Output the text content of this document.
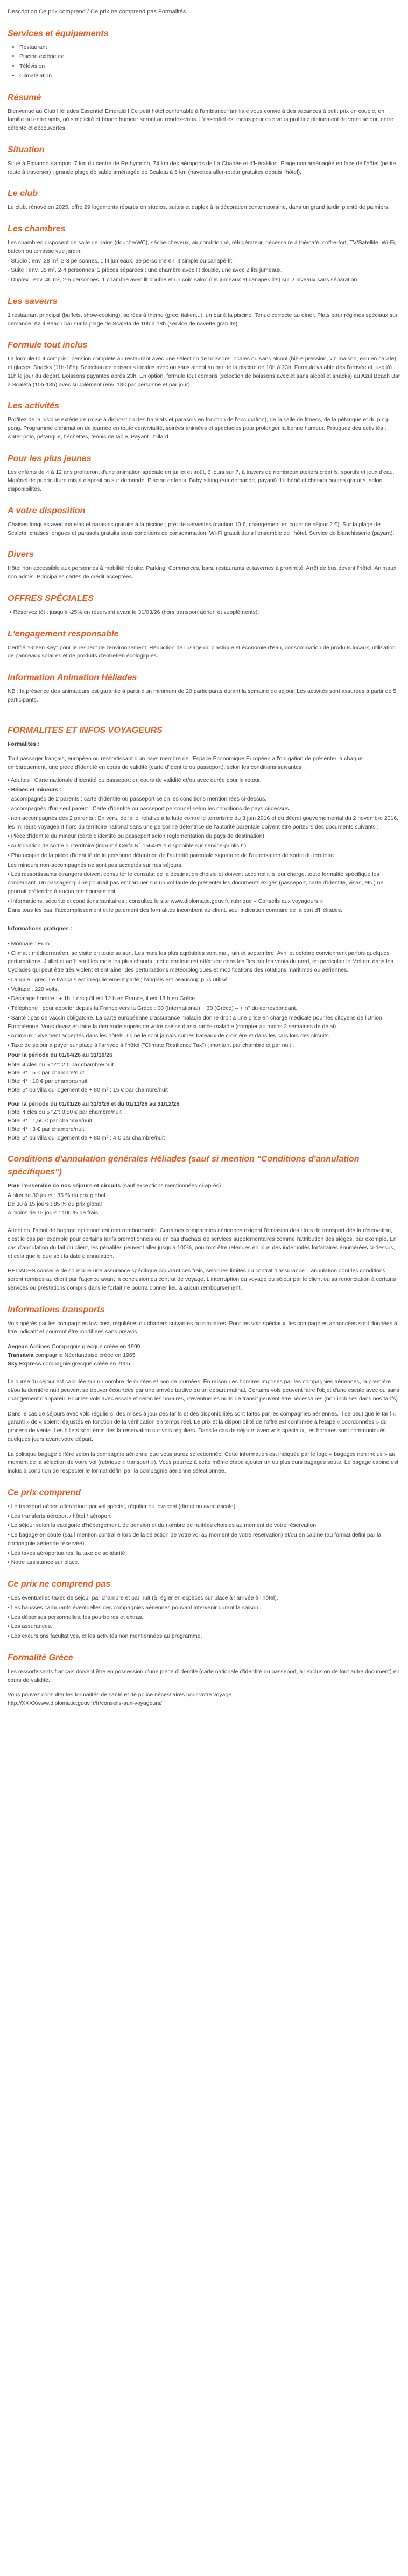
Description Ce prix comprend / Ce prix ne comprend pas Formalités
Services et équipements
• Restaurant
• Piscine extérieure
• Télévision
• Climatisation
Résumé

Bienvenue au Club Héliades Essentiel Emerald ! Ce petit hôtel confortable à l'ambiance familiale vous convie à des vacances à petit prix en couple, en famille ou entre amis, où simplicité et bonne humeur seront au rendez-vous. L'essentiel est inclus pour que vous profitiez pleinement de votre séjour, entre détente et découvertes.

Situation

Situé à Pigianon Kampos, 7 km du centre de Rethymnon, 74 km des aéroports de La Chanée et d'Héraklion. Plage non aménagée en face de l'hôtel (petite route à traverser) ; grande plage de sable aménagée de Scaleta à 5 km (navettes aller-retour gratuites depuis l'hôtel).

Le club

Le club, rénové en 2025, offre 29 logements répartis en studios, suites et duplex à la décoration contemporaine, dans un grand jardin planté de palmiers.

Les chambres

Les chambres disposent de salle de bains (douche/WC), sèche-cheveux, air conditionné, réfrigérateur, nécessaire à thé/café, coffre-fort, TV/Satellite, Wi-Fi, balcon ou terrasse vue jardin.

- Studio : env. 28 m², 2-3 personnes, 1 lit jumeaux, 3e personne en lit simple ou canapé-lit.

- Suite : env. 35 m², 2-4 personnes, 2 pièces séparées : une chambre avec lit double, une avec 2 lits jumeaux.

- Duplex : env. 40 m², 2-5 personnes, 1 chambre avec lit double et un coin salon (lits jumeaux et canapés lits) sur 2 niveaux sans séparation.

Les saveurs

1 restaurant principal (buffets, show-cooking), soirées à thème (grec, italien...), un bar à la piscine. Tenue correcte au dîner. Plats pour régimes spéciaux sur demande. Azul Beach bar sur la plage de Scaleta de 10h à 18h (service de navette gratuite).

Formule tout inclus

La formule tout compris : pension complète au restaurant avec une sélection de boissons locales ou sans alcool (bière pression, vin maison, eau en carafe) et glaces. Snacks (11h-18h). Sélection de boissons locales avec ou sans alcool au bar de la piscine de 10h à 23h. Formule valable dès l'arrivée et jusqu'à 11h le jour du départ. Boissons payantes après 23h. En option, formule tout compris (sélection de boissons avec et sans alcool et snacks) au Azul Beach Bar à Scaleta (10h-18h) avec supplément (env. 18€ par personne et par jour).

Les activités

Profitez de la piscine extérieure (mise à disposition des transats et parasols en fonction de l'occupation), de la salle de fitness, de la pétanque et du ping-pong. Programme d'animation de journée en toute convivialité, soirées animées et spectacles pour prolonger la bonne humeur. Pratiquez des activités : water-polo, pétanque, fléchettes, tennis de table. Payant : billard.

Pour les plus jeunes

Les enfants de 4 à 12 ans profiteront d'une animation spéciale en juillet et août, 6 jours sur 7, à travers de nombreux ateliers créatifs, sportifs et jeux d'eau. Matériel de puériculture mis à disposition sur demande. Piscine enfants. Baby sitting (sur demande, payant). Lit bébé et chaises hautes gratuits, selon disponibilités.

A votre disposition

Chaises longues avec matelas et parasols gratuits à la piscine ; prêt de serviettes (caution 10 €, changement en cours de séjour 2 €). Sur la plage de Scaleta, chaises longues et parasols gratuits sous conditions de consommation. Wi-Fi gratuit dans l'ensemble de l'hôtel. Service de blanchisserie (payant).

Divers

Hôtel non accessible aux personnes à mobilité réduite. Parking. Commerces, bars, restaurants et tavernes à proximité. Arrêt de bus devant l'hôtel. Animaux non admis. Principales cartes de crédit acceptées.

OFFRES SPÉCIALES
• Réservez tôt : jusqu'à -25% en réservant avant le 31/03/26 (hors transport aérien et suppléments).
L'engagement responsable

Certifié "Green Key" pour le respect de l'environnement. Réduction de l'usage du plastique et économie d'eau, consommation de produits locaux, utilisation de panneaux solaires et de produits d'entretien écologiques.

Information Animation Héliades

NB : la présence des animateurs est garantie à partir d'un minimum de 20 participants durant la semaine de séjour. Les activités sont assurées à partir de 5 participants.

FORMALITES ET INFOS VOYAGEURS

Formalités :

Tout passager français, européen ou ressortissant d'un pays membre de l'Espace Economique Européen a l'obligation de présenter, à chaque embarquement, une pièce d'identité en cours de validité (carte d'identité ou passeport), selon les conditions suivantes :

• Adultes : Carte nationale d'identité ou passeport en cours de validité et/ou avec durée pour le retour.

• Bébés et mineurs :

- accompagnés de 2 parents : carte d'identité ou passeport selon les conditions mentionnées ci-dessus.

- accompagnés d'un seul parent : Carte d'identité ou passeport personnel selon les conditions de pays ci-dessus.

- non accompagnés des 2 parents : En vertu de la loi relative à la lutte contre le terrorisme du 3 juin 2016 et du décret gouvernemental du 2 novembre 2016, les mineurs voyageant hors du territoire national sans une personne détentrice de l'autorité parentale doivent être porteurs des documents suivants :

• Pièce d'identité du mineur (carte d'identité ou passeport selon réglementation du pays de destination)

• Autorisation de sortie du territoire (imprimé Cerfa N° 15646*01 disponible sur service-public.fr)

• Photocopie de la pièce d'identité de la personne détentrice de l'autorité parentale signataire de l'autorisation de sortie du territoire

Les mineurs non-accompagnés ne sont pas acceptés sur nos séjours.

• Les ressortissants étrangers doivent consulter le consulat de la destination choisie et doivent accomplir, à leur charge, toute formalité spécifique les concernant. Un passager qui ne pourrait pas embarquer sur un vol faute de présenter les documents exigés (passeport, carte d'identité, visas, etc.) ne pourrait prétendre à aucun remboursement.

• Informations, sécurité et conditions sanitaires : consultez le site www.diplomatie.gouv.fr, rubrique « Conseils aux voyageurs »

Dans tous les cas, l'accomplissement et le paiement des formalités incombent au client, seul indication contraire de la part d'Héliades.

Informations pratiques :

• Monnaie : Euro

• Climat : méditerranéen, se visite en toute saison. Les mois les plus agréables sont mai, juin et septembre. Avril et octobre conviennent parfois quelques perturbations. Juillet et août sont les mois les plus chauds ; cette chaleur est atténuée dans les îles par les vents du nord, en particulier le Meltem dans les Cyclades qui peut être très violent et entraîner des perturbations météorologiques et modifications des rotations maritimes ou aériennes.

• Langue : grec. Le français est irrégulièrement parlé ; l'anglais est beaucoup plus utilisé.

• Voltage : 220 volts.

• Décalage horaire : + 1h. Lorsqu'il est 12 h en France, il est 13 h en Grèce.

• Téléphone : pour appeler depuis la France vers la Grèce : 00 (International) + 30 (Grèce) – + n° du correspondant.

• Santé : pas de vaccin obligatoire. La carte européenne d'assurance maladie donne droit à une prise en charge médicale pour les citoyens de l'Union Européenne. Vous devez en faire la demande auprès de votre caisse d'assurance maladie (compter au moins 2 semaines de délai).

• Animaux : vivement acceptés dans les hôtels. Ils ne le sont jamais sur les bateaux de croisière et dans les cars lors des circuits.

• Taxe de séjour à payer sur place à l'arrivée à l'hôtel ("Climate Resilience Tax") ; montant par chambre et par nuit :

Pour la période du 01/04/26 au 31/10/26

Hôtel 4 clés ou 5 "Z": 2 € par chambre/nuit

Hôtel 3* : 5 € par chambre/nuit

Hôtel 4* : 10 € par chambre/nuit

Hôtel 5* ou villa ou logement de + 80 m² : 15 € par chambre/nuit

Pour la période du 01/01/26 au 31/3/26 et du 01/11/26 au 31/12/26

Hôtel 4 clés ou 5 "Z": 0,50 € par chambre/nuit

Hôtel 3* : 1,50 € par chambre/nuit

Hôtel 4* : 3 € par chambre/nuit

Hôtel 5* ou villa ou logement de + 80 m² : 4 € par chambre/nuit

Conditions d'annulation générales Héliades (sauf si mention "Conditions d'annulation spécifiques")

Pour l'ensemble de nos séjours et circuits (sauf exceptions mentionnées ci-après)

A plus de 30 jours : 35 % du prix global

De 30 à 15 jours : 85 % du prix global

A moins de 15 jours : 100 % de frais

Attention, l'ajout de bagage optionnel est non remboursable. Certaines compagnies aériennes exigent l'émission des titres de transport dès la réservation, c'est le cas par exemple pour certains tarifs promotionnels ou en cas d'achats de services supplémentaires comme l'attribution des sièges, par exemple. En cas d'annulation du fait du client, les pénalités peuvent aller jusqu'à 100%, pourront être retenues en plus des indemnités forfaitaires énumérées ci-dessus, et cela quelle que soit la date d'annulation.

HÉLIADES conseille de souscrire une assurance spécifique couvrant ces frais, selon les limites du contrat d'assurance – annulation dont les conditions seront remises au client par l'agence avant la conclusion du contrat de voyage. L'interruption du voyage ou séjour par le client ou sa renonciation à certains services ou prestations compris dans le forfait ne pourra donner lieu à aucun remboursement.

Informations transports

Vols opérés par les compagnies low cost, régulières ou charters suivantes ou similaires. Pour les vols spéciaux, les compagnies annoncées sont données à titre indicatif et pourront être modifiées sans préavis.

Aegean Airlines Compagnie grecque créée en 1999

Transavia compagnie Néerlandaise créée en 1965

Sky Express compagnie grecque créée en 2005

La durée du séjour est calculée sur un nombre de nuitées et non de journées. En raison des horaires imposés par les compagnies aériennes, la première et/ou la dernière nuit peuvent se trouver écourtées par une arrivée tardive ou un départ matinal. Certains vols peuvent faire l'objet d'une escale avec ou sans changement d'appareil. Pour les vols avec escale et selon les horaires, d'éventuelles nuits de transit peuvent être nécessaires (non incluses dans nos tarifs).

Dans le cas de séjours avec vols réguliers, des mises à jour des tarifs et des disponibilités sont faites par les compagnies aériennes. Il se peut que le tarif « garanti » de « soient réajustés en fonction de la vérification en temps réel. Le prix et la disponibilité de l'offre est confirmée à l'étape « coordonnées » du process de vente. Les billets sont émis dès la réservation sur vols réguliers. Dans le cas de séjours avec vols spéciaux, les horaires sont communiqués quelques jours avant votre départ.

La politique bagage diffère selon la compagnie aérienne que vous aurez sélectionnée. Cette information est indiquée par le logo « bagages non inclus » au moment de la sélection de votre vol (rubrique « transport »). Vous pourrez à cette même étape ajouter un ou plusieurs bagages soute. Le bagage cabine est inclus à condition de respecter le format défini par la compagnie aérienne sélectionnée.

Ce prix comprend

• Le transport aérien aller/retour par vol spécial, régulier ou low-cost (direct ou avec escale)

• Les transferts aéroport / hôtel / aéroport

• Le séjour selon la catégorie d'hébergement, de pension et du nombre de nuitées choisies au moment de votre réservation

• Le bagage en soute (sauf mention contraire lors de la sélection de votre vol au moment de votre réservation) et/ou en cabine (au format défini par la compagnie aérienne réservée)

• Les taxes aéroportuaires, la taxe de solidarité

• Notre assistance sur place.

Ce prix ne comprend pas

• Les éventuelles taxes de séjour par chambre et par nuit (à régler en espèces sur place à l'arrivée à l'hôtel).

• Les hausses carburants éventuelles des compagnies aériennes pouvant intervenir durant la saison.

• Les dépenses personnelles, les pourboires et extras.

• Les assurances.

• Les excursions facultatives, et les activités non mentionnées au programme.

Formalité Grèce

Les ressortissants français doivent être en possession d'une pièce d'identité (carte nationale d'identité ou passeport, à l'exclusion de tout autre document) en cours de validité.

Vous pouvez consulter les formalités de santé et de police nécessaires pour votre voyage :

http://XXXXwww.diplomatie.gouv.fr/fr/conseils-aux-voyageurs/
